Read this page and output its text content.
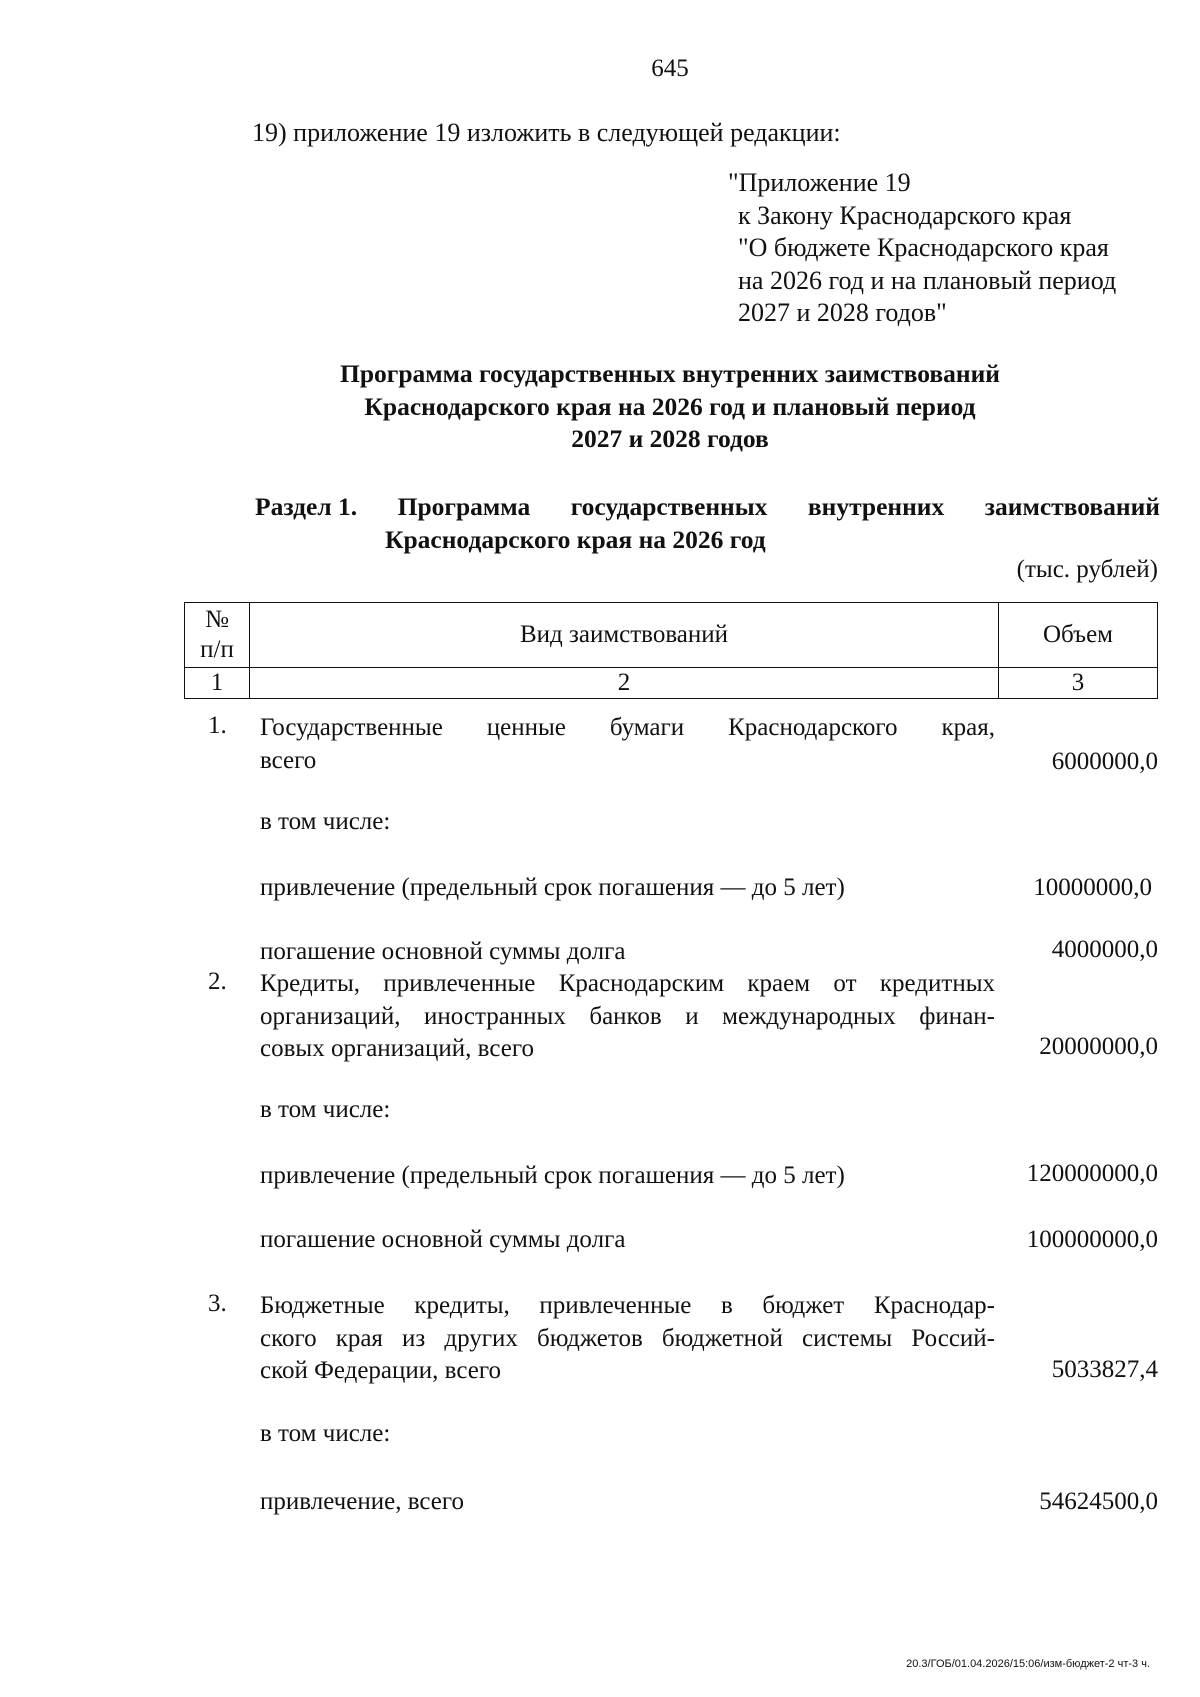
645
19) приложение 19 изложить в следующей редакции:
"Приложение 19
к Закону Краснодарского края
"О бюджете Краснодарского края
на 2026 год и на плановый период
2027 и 2028 годов"
Программа государственных внутренних заимствований
Краснодарского края на 2026 год и плановый период
2027 и 2028 годов
Раздел 1. Программа государственных внутренних заимствований
Краснодарского края на 2026 год
(тыс. рублей)
№
п/п	Вид заимствований	Объем
1	2	3
1. Государственные ценные бумаги Краснодарского края,
всего	6000000,0
в том числе:
привлечение (предельный срок погашения — до 5 лет)	10000000,0
погашение основной суммы долга	4000000,0
2. Кредиты, привлеченные Краснодарским краем от кредитных
организаций, иностранных банков и международных финан-
совых организаций, всего	20000000,0
в том числе:
привлечение (предельный срок погашения — до 5 лет)	120000000,0
погашение основной суммы долга	100000000,0
3. Бюджетные кредиты, привлеченные в бюджет Краснодар-
ского края из других бюджетов бюджетной системы Россий-
ской Федерации, всего	5033827,4
в том числе:
привлечение, всего	54624500,0
20.3/ГОБ/01.04.2026/15:06/изм-бюджет-2 чт-3 ч.
